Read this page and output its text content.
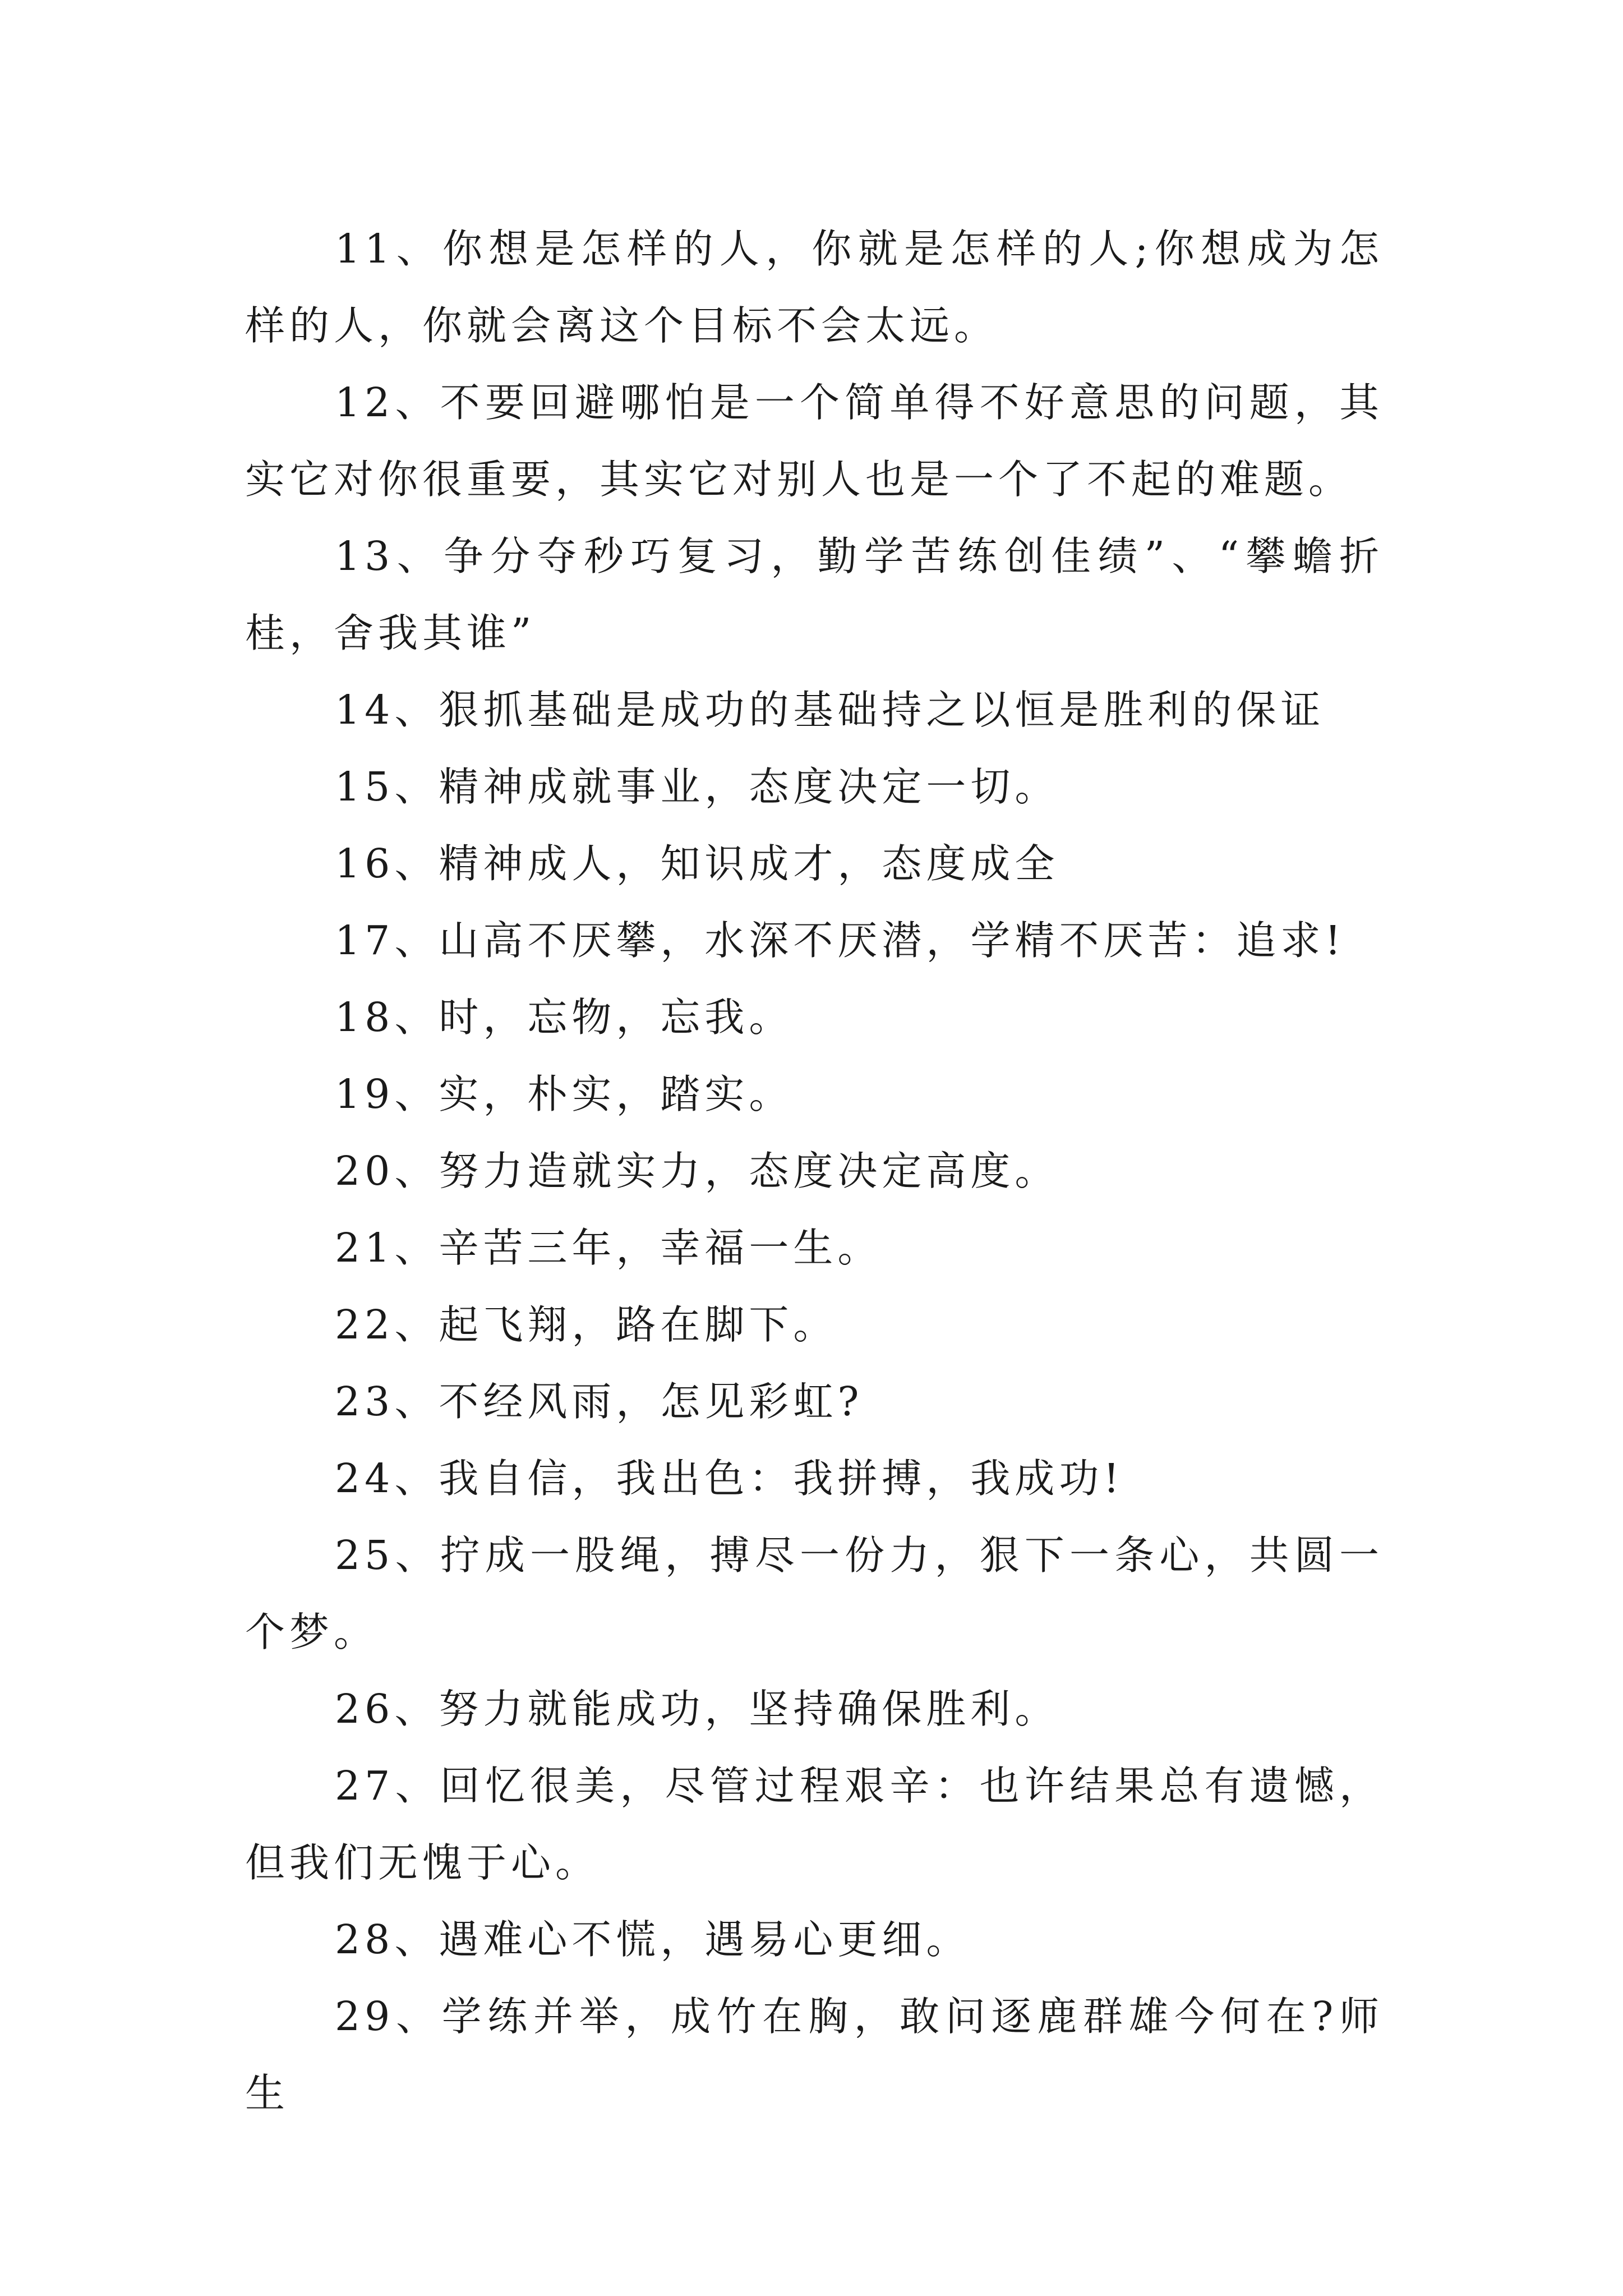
11、你想是怎样的人，你就是怎样的人;你想成为怎样的人，你就会离这个目标不会太远。

12、不要回避哪怕是一个简单得不好意思的问题，其实它对你很重要，其实它对别人也是一个了不起的难题。

13、争分夺秒巧复习，勤学苦练创佳绩”、“攀蟾折桂，舍我其谁”

14、狠抓基础是成功的基础持之以恒是胜利的保证

15、精神成就事业，态度决定一切。

16、精神成人，知识成才，态度成全

17、山高不厌攀，水深不厌潜，学精不厌苦：追求!

18、时，忘物，忘我。

19、实，朴实，踏实。

20、努力造就实力，态度决定高度。

21、辛苦三年，幸福一生。

22、起飞翔，路在脚下。

23、不经风雨，怎见彩虹?

24、我自信，我出色：我拼搏，我成功!

25、拧成一股绳，搏尽一份力，狠下一条心，共圆一个梦。

26、努力就能成功，坚持确保胜利。

27、回忆很美，尽管过程艰辛：也许结果总有遗憾，但我们无愧于心。

28、遇难心不慌，遇易心更细。

29、学练并举，成竹在胸，敢问逐鹿群雄今何在?师生
